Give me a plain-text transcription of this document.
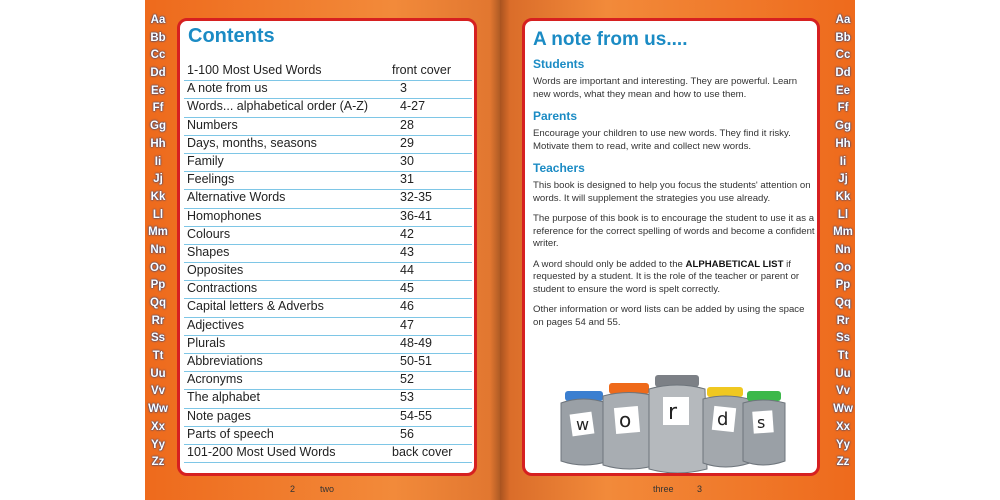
Aa
Bb
Cc
Dd
Ee
Ff
Gg
Hh
Ii
Jj
Kk
Ll
Mm
Nn
Oo
Pp
Qq
Rr
Ss
Tt
Uu
Vv
Ww
Xx
Yy
Zz
Contents
1-100 Most Used Words	front cover
A note from us	3
Words... alphabetical order (A-Z)	4-27
Numbers	28
Days, months, seasons	29
Family	30
Feelings	31
Alternative Words	32-35
Homophones	36-41
Colours	42
Shapes	43
Opposites	44
Contractions	45
Capital letters & Adverbs	46
Adjectives	47
Plurals	48-49
Abbreviations	50-51
Acronyms	52
The alphabet	53
Note pages	54-55
Parts of speech	56
101-200 Most Used Words	back cover
2	two
A note from us....
Students

Words are important and interesting. They are powerful. Learn new words, what they mean and how to use them.

Parents

Encourage your children to use new words. They find it risky. Motivate them to read, write and collect new words.

Teachers

This book is designed to help you focus the students' attention on words. It will supplement the strategies you use already.

The purpose of this book is to encourage the student to use it as a reference for the correct spelling of words and become a confident writer.

A word should only be added to the ALPHABETICAL LIST if requested by a student. It is the role of the teacher or parent or student to ensure the word is spelt correctly.

Other information or word lists can be added by using the space on pages 54 and 55.

w o r d s
Aa
Bb
Cc
Dd
Ee
Ff
Gg
Hh
Ii
Jj
Kk
Ll
Mm
Nn
Oo
Pp
Qq
Rr
Ss
Tt
Uu
Vv
Ww
Xx
Yy
Zz
three	3
